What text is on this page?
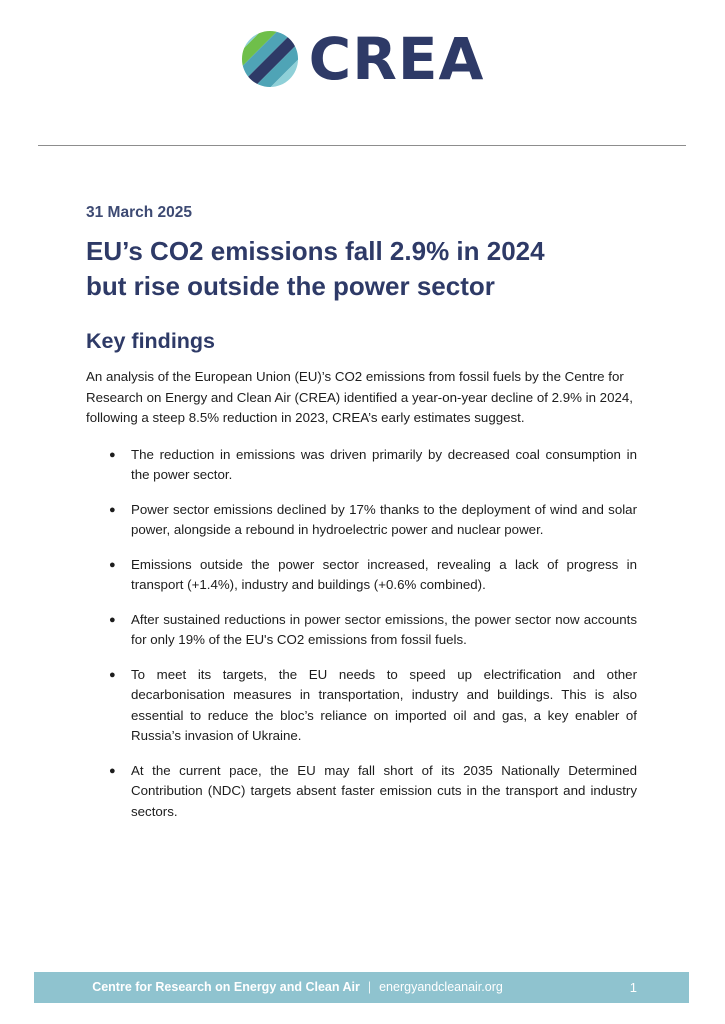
CREA
31 March 2025
EU’s CO2 emissions fall 2.9% in 2024
but rise outside the power sector
Key findings

An analysis of the European Union (EU)’s CO2 emissions from fossil fuels by the Centre for Research on Energy and Clean Air (CREA) identified a year-on-year decline of 2.9% in 2024, following a steep 8.5% reduction in 2023, CREA’s early estimates suggest.

● The reduction in emissions was driven primarily by decreased coal consumption in the power sector.
● Power sector emissions declined by 17% thanks to the deployment of wind and solar power, alongside a rebound in hydroelectric power and nuclear power.
● Emissions outside the power sector increased, revealing a lack of progress in transport (+1.4%), industry and buildings (+0.6% combined).
● After sustained reductions in power sector emissions, the power sector now accounts for only 19% of the EU's CO2 emissions from fossil fuels.
● To meet its targets, the EU needs to speed up electrification and other decarbonisation measures in transportation, industry and buildings. This is also essential to reduce the bloc’s reliance on imported oil and gas, a key enabler of Russia’s invasion of Ukraine.
● At the current pace, the EU may fall short of its 2035 Nationally Determined Contribution (NDC) targets absent faster emission cuts in the transport and industry sectors.
Centre for Research on Energy and Clean Air | energyandcleanair.org	1
